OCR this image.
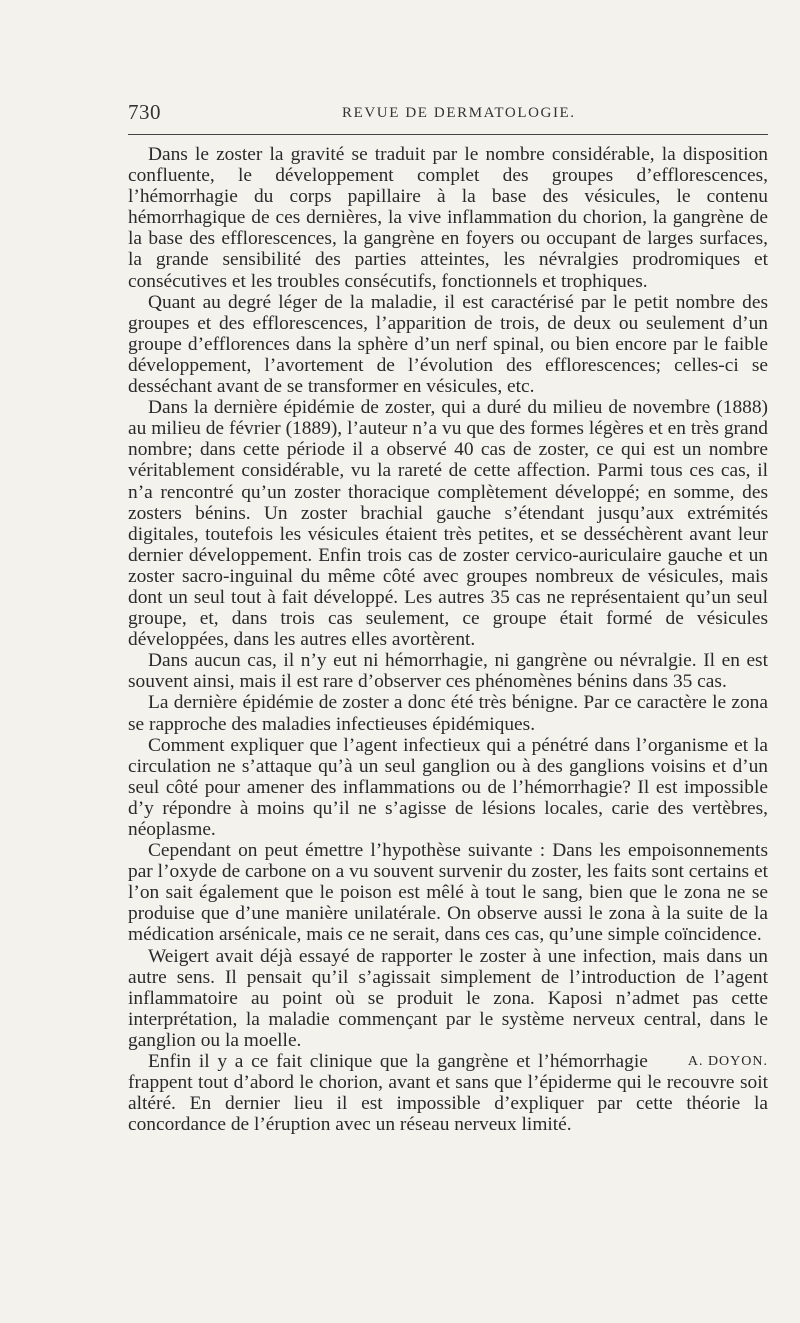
730	REVUE DE DERMATOLOGIE.

Dans le zoster la gravité se traduit par le nombre considérable, la disposition confluente, le développement complet des groupes d’efflorescences, l’hémorrhagie du corps papillaire à la base des vésicules, le contenu hémorrhagique de ces dernières, la vive inflammation du chorion, la gangrène de la base des efflorescences, la gangrène en foyers ou occupant de larges surfaces, la grande sensibilité des parties atteintes, les névralgies prodromiques et consécutives et les troubles consécutifs, fonctionnels et trophiques.

Quant au degré léger de la maladie, il est caractérisé par le petit nombre des groupes et des efflorescences, l’apparition de trois, de deux ou seulement d’un groupe d’efflorences dans la sphère d’un nerf spinal, ou bien encore par le faible développement, l’avortement de l’évolution des efflorescences; celles-ci se desséchant avant de se transformer en vésicules, etc.

Dans la dernière épidémie de zoster, qui a duré du milieu de novembre (1888) au milieu de février (1889), l’auteur n’a vu que des formes légères et en très grand nombre; dans cette période il a observé 40 cas de zoster, ce qui est un nombre véritablement considérable, vu la rareté de cette affection. Parmi tous ces cas, il n’a rencontré qu’un zoster thoracique complètement développé; en somme, des zosters bénins. Un zoster brachial gauche s’étendant jusqu’aux extrémités digitales, toutefois les vésicules étaient très petites, et se desséchèrent avant leur dernier développement. Enfin trois cas de zoster cervico-auriculaire gauche et un zoster sacro-inguinal du même côté avec groupes nombreux de vésicules, mais dont un seul tout à fait développé. Les autres 35 cas ne représentaient qu’un seul groupe, et, dans trois cas seulement, ce groupe était formé de vésicules développées, dans les autres elles avortèrent.

Dans aucun cas, il n’y eut ni hémorrhagie, ni gangrène ou névralgie. Il en est souvent ainsi, mais il est rare d’observer ces phénomènes bénins dans 35 cas.

La dernière épidémie de zoster a donc été très bénigne. Par ce caractère le zona se rapproche des maladies infectieuses épidémiques.

Comment expliquer que l’agent infectieux qui a pénétré dans l’organisme et la circulation ne s’attaque qu’à un seul ganglion ou à des ganglions voisins et d’un seul côté pour amener des inflammations ou de l’hémorrhagie? Il est impossible d’y répondre à moins qu’il ne s’agisse de lésions locales, carie des vertèbres, néoplasme.

Cependant on peut émettre l’hypothèse suivante : Dans les empoisonnements par l’oxyde de carbone on a vu souvent survenir du zoster, les faits sont certains et l’on sait également que le poison est mêlé à tout le sang, bien que le zona ne se produise que d’une manière unilatérale. On observe aussi le zona à la suite de la médication arsénicale, mais ce ne serait, dans ces cas, qu’une simple coïncidence.

Weigert avait déjà essayé de rapporter le zoster à une infection, mais dans un autre sens. Il pensait qu’il s’agissait simplement de l’introduction de l’agent inflammatoire au point où se produit le zona. Kaposi n’admet pas cette interprétation, la maladie commençant par le système nerveux central, dans le ganglion ou la moelle.

A. DOYON.
Enfin il y a ce fait clinique que la gangrène et l’hémorrhagie frappent tout d’abord le chorion, avant et sans que l’épiderme qui le recouvre soit altéré. En dernier lieu il est impossible d’expliquer par cette théorie la concordance de l’éruption avec un réseau nerveux limité.
